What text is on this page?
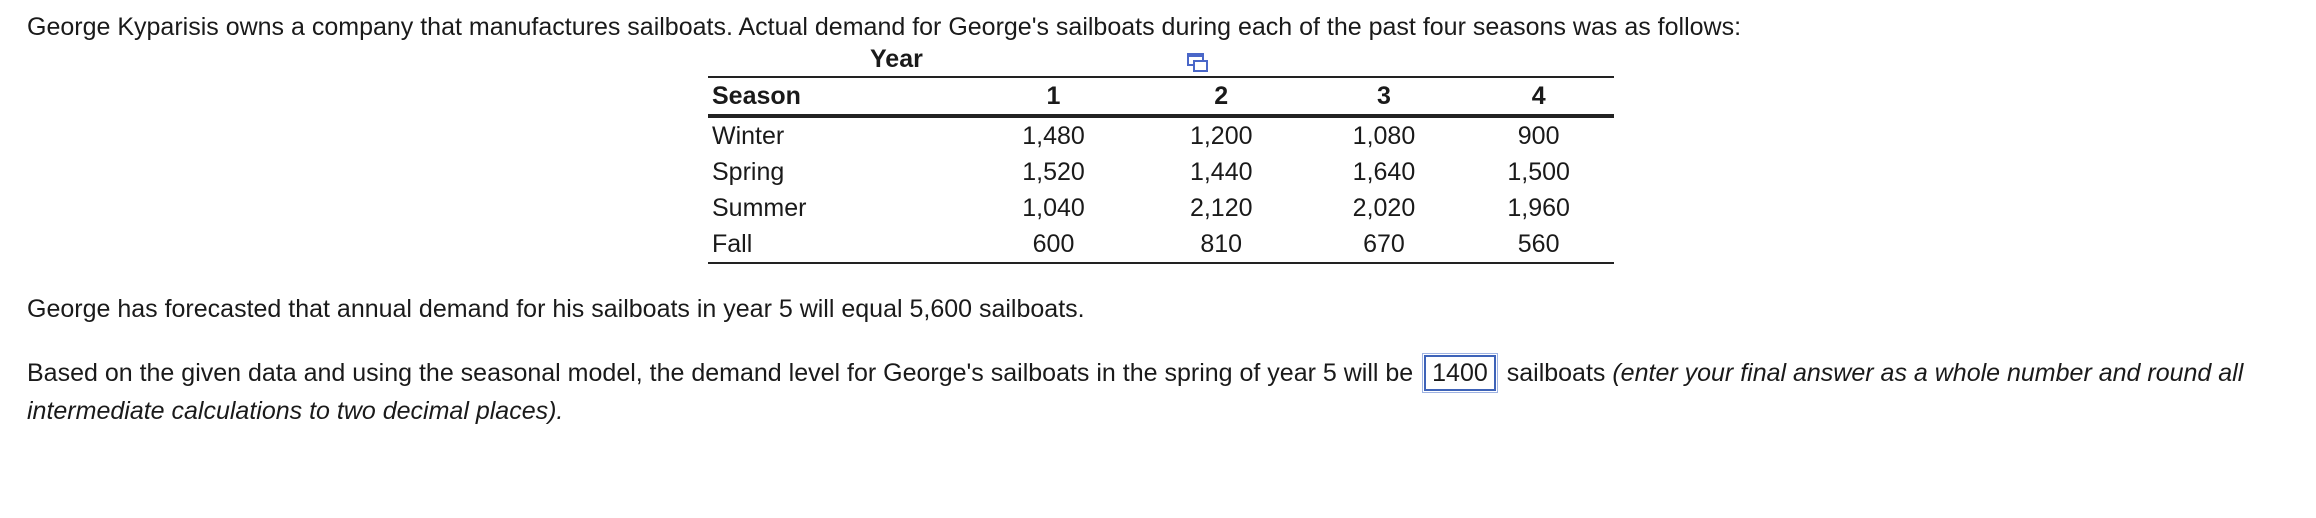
George Kyparisis owns a company that manufactures sailboats. Actual demand for George's sailboats during each of the past four seasons was as follows:
Year
Season	1	2	3	4
Winter	1,480	1,200	1,080	900
Spring	1,520	1,440	1,640	1,500
Summer	1,040	2,120	2,020	1,960
Fall	600	810	670	560
George has forecasted that annual demand for his sailboats in year 5 will equal 5,600 sailboats.
Based on the given data and using the seasonal model, the demand level for George's sailboats in the spring of year 5 will be 1400 sailboats (enter your final answer as a whole number and round all intermediate calculations to two decimal places).
